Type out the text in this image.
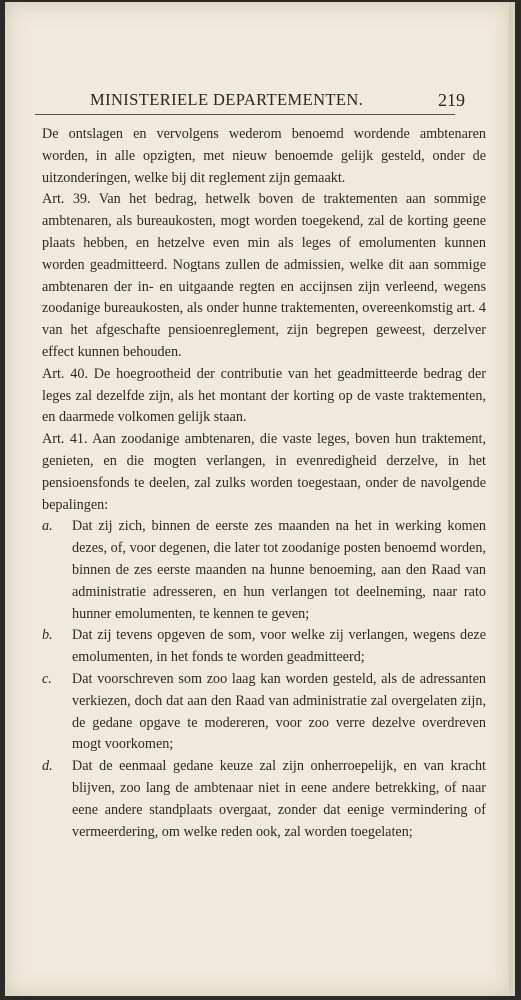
MINISTERIELE DEPARTEMENTEN.	219

De ontslagen en vervolgens wederom benoemd wordende ambtenaren worden, in alle opzigten, met nieuw benoemde gelijk gesteld, onder de uitzonderingen, welke bij dit reglement zijn gemaakt.

Art. 39. Van het bedrag, hetwelk boven de traktementen aan sommige ambtenaren, als bureaukosten, mogt worden toegekend, zal de korting geene plaats hebben, en hetzelve even min als leges of emolumenten kunnen worden geadmitteerd. Nogtans zullen de admissien, welke dit aan sommige ambtenaren der in- en uitgaande regten en accijnsen zijn verleend, wegens zoodanige bureaukosten, als onder hunne traktementen, overeenkomstig art. 4 van het afgeschafte pensioenreglement, zijn begrepen geweest, derzelver effect kunnen behouden.

Art. 40. De hoegrootheid der contributie van het geadmitteerde bedrag der leges zal dezelfde zijn, als het montant der korting op de vaste traktementen, en daarmede volkomen gelijk staan.

Art. 41. Aan zoodanige ambtenaren, die vaste leges, boven hun traktement, genieten, en die mogten verlangen, in evenredigheid derzelve, in het pensioensfonds te deelen, zal zulks worden toegestaan, onder de navolgende bepalingen:

a. Dat zij zich, binnen de eerste zes maanden na het in werking komen dezes, of, voor degenen, die later tot zoodanige posten benoemd worden, binnen de zes eerste maanden na hunne benoeming, aan den Raad van administratie adresseren, en hun verlangen tot deelneming, naar rato hunner emolumenten, te kennen te geven;
b. Dat zij tevens opgeven de som, voor welke zij verlangen, wegens deze emolumenten, in het fonds te worden geadmitteerd;
c. Dat voorschreven som zoo laag kan worden gesteld, als de adressanten verkiezen, doch dat aan den Raad van administratie zal overgelaten zijn, de gedane opgave te modereren, voor zoo verre dezelve overdreven mogt voorkomen;
d. Dat de eenmaal gedane keuze zal zijn onherroepelijk, en van kracht blijven, zoo lang de ambtenaar niet in eene andere betrekking, of naar eene andere standplaats overgaat, zonder dat eenige vermindering of vermeerdering, om welke reden ook, zal worden toegelaten;
